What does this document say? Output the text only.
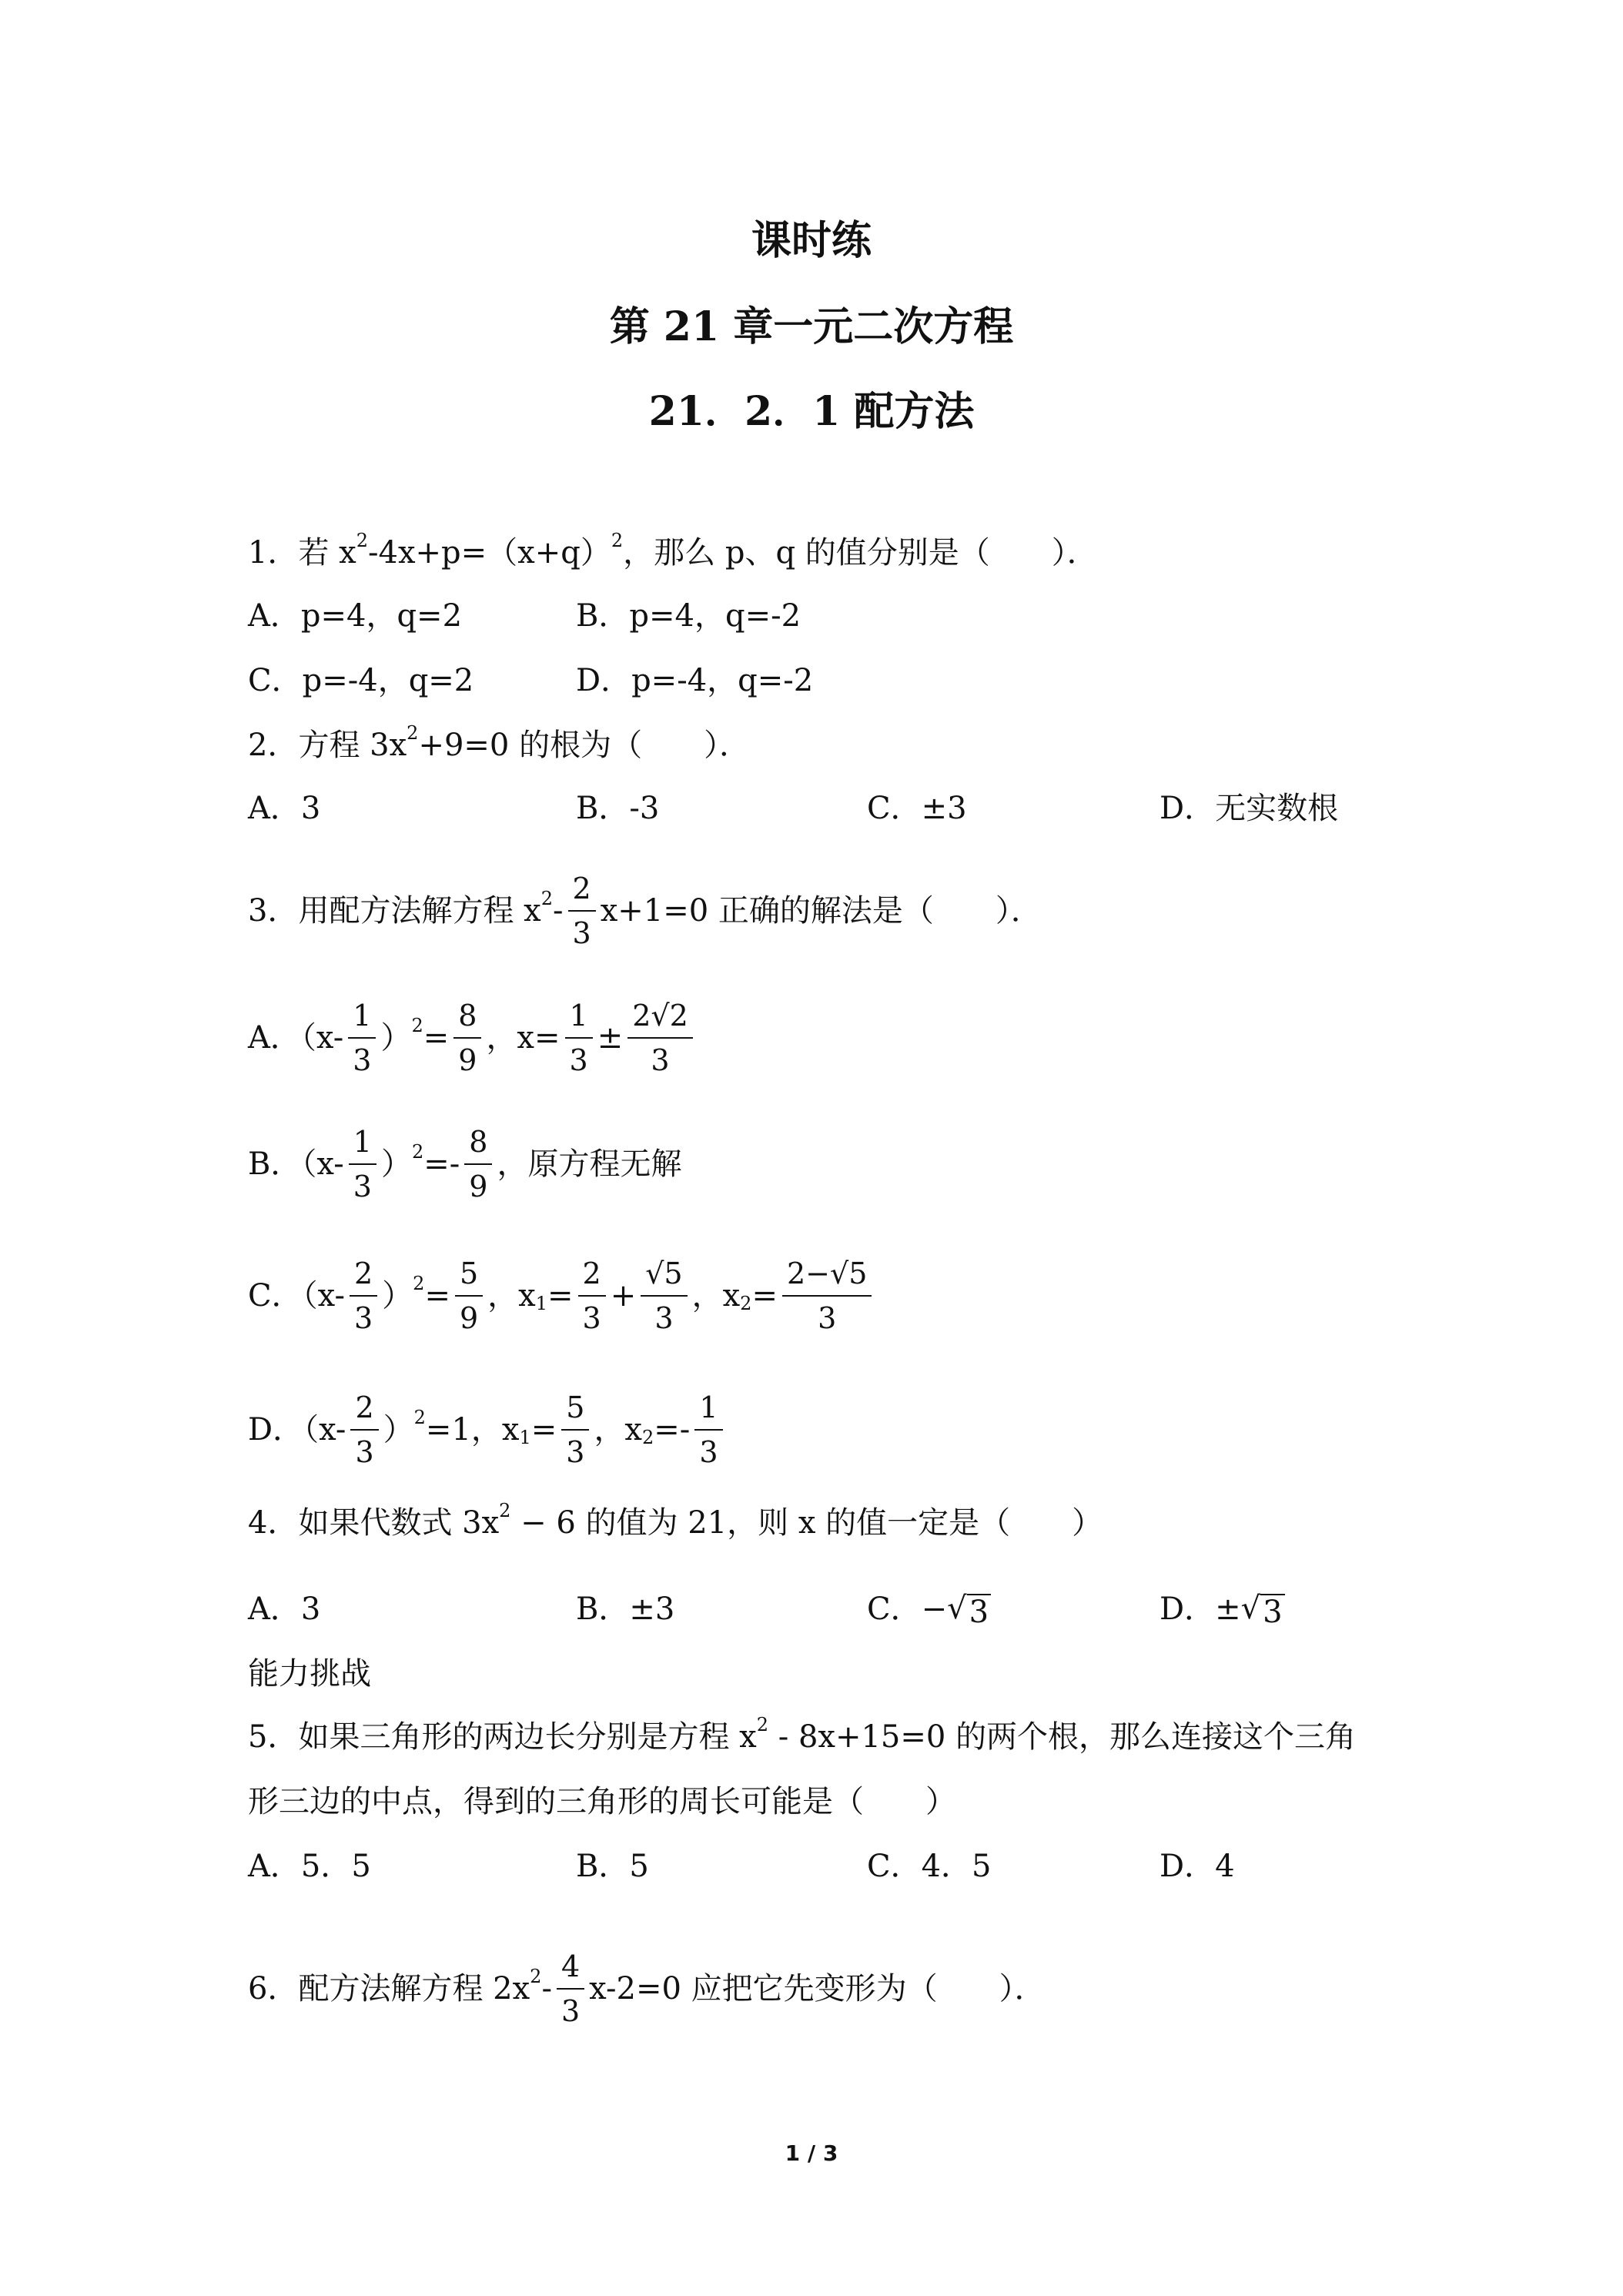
课时练
第 21 章一元二次方程
21．2．1 配方法
1．若 x 2 -4x+p=（x+q） 2 ，那么 p、q 的值分别是（　　）．
A．p=4，q=2	B．p=4，q=-2
C．p=-4，q=2	D．p=-4，q=-2
2．方程 3x 2 +9=0 的根为（　　）．
A．3	B．-3	C．±3	D．无实数根
3．用配方法解方程 x $2 - \frac{2}{3} x+1=0$ 正确的解法是（　　）．
A．（$x- \frac{1}{3}$ ） $2 = \frac{8}{9}$ ，$x= \frac{1}{3} \pm \frac{2√2}{3}$
B．（$x- \frac{1}{3}$ ） $2 =- \frac{8}{9}$ ，原方程无解
C．（$x- \frac{2}{3}$ ） $2 = \frac{5}{9}$ ，x $1 = \frac{2}{3} + \frac{√5}{3}$ ，x $2 = \frac{2-√5}{3}$
D．（$x- \frac{2}{3}$ ） 2 =1，x $1 = \frac{5}{3}$ ，x $2 =- \frac{1}{3}$
4．如果代数式 3x 2 − 6 的值为 21，则 x 的值一定是（　　）
A．3	B．±3	C．− √ 3	D．± √ 3
能力挑战
5．如果三角形的两边长分别是方程 x 2 - 8x+15=0 的两个根，那么连接这个三角
形三边的中点，得到的三角形的周长可能是（　　）
A．5．5	B．5	C．4．5	D．4
6．配方法解方程 2x $2 - \frac{4}{3} x-2=0$ 应把它先变形为（　　）．
1 / 3
